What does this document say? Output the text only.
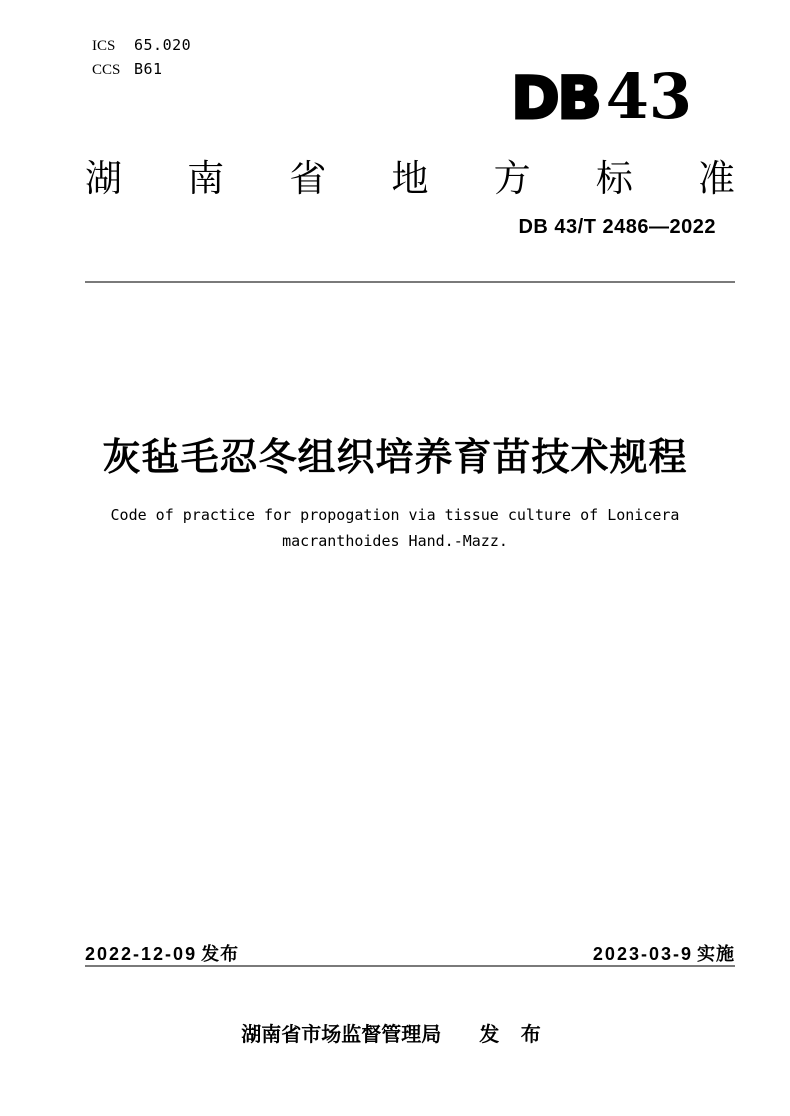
ICS 65.020
CCS B61	DB43
湖南省地方标准
DB 43/T 2486—2022
灰毡毛忍冬组织培养育苗技术规程
Code of practice for propogation via tissue culture of Lonicera
macranthoides Hand.-Mazz.
2022-12-09 发布	2023-03-9 实施
湖南省市场监督管理局 发 布
